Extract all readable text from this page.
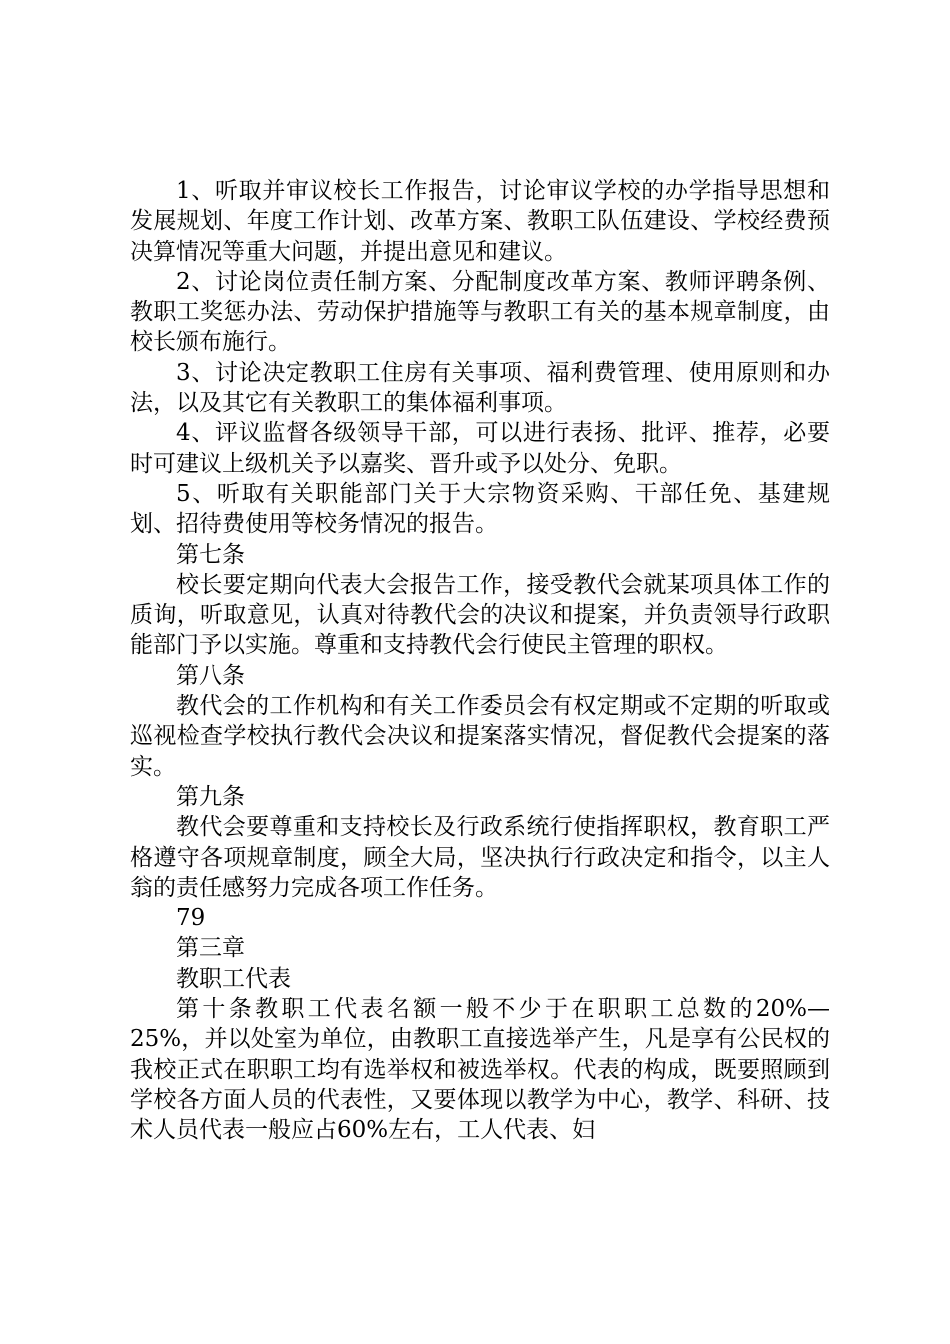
1、听取并审议校长工作报告，讨论审议学校的办学指导思想和发展规划、年度工作计划、改革方案、教职工队伍建设、学校经费预决算情况等重大问题，并提出意见和建议。

2、讨论岗位责任制方案、分配制度改革方案、教师评聘条例、教职工奖惩办法、劳动保护措施等与教职工有关的基本规章制度，由校长颁布施行。

3、讨论决定教职工住房有关事项、福利费管理、使用原则和办法，以及其它有关教职工的集体福利事项。

4、评议监督各级领导干部，可以进行表扬、批评、推荐，必要时可建议上级机关予以嘉奖、晋升或予以处分、免职。

5、听取有关职能部门关于大宗物资采购、干部任免、基建规划、招待费使用等校务情况的报告。

第七条

校长要定期向代表大会报告工作，接受教代会就某项具体工作的质询，听取意见，认真对待教代会的决议和提案，并负责领导行政职能部门予以实施。尊重和支持教代会行使民主管理的职权。

第八条

教代会的工作机构和有关工作委员会有权定期或不定期的听取或巡视检查学校执行教代会决议和提案落实情况，督促教代会提案的落实。

第九条

教代会要尊重和支持校长及行政系统行使指挥职权，教育职工严格遵守各项规章制度，顾全大局，坚决执行行政决定和指令，以主人翁的责任感努力完成各项工作任务。

79

第三章

教职工代表

第十条教职工代表名额一般不少于在职职工总数的20%—25%，并以处室为单位，由教职工直接选举产生，凡是享有公民权的我校正式在职职工均有选举权和被选举权。代表的构成，既要照顾到学校各方面人员的代表性，又要体现以教学为中心，教学、科研、技术人员代表一般应占60%左右，工人代表、妇
